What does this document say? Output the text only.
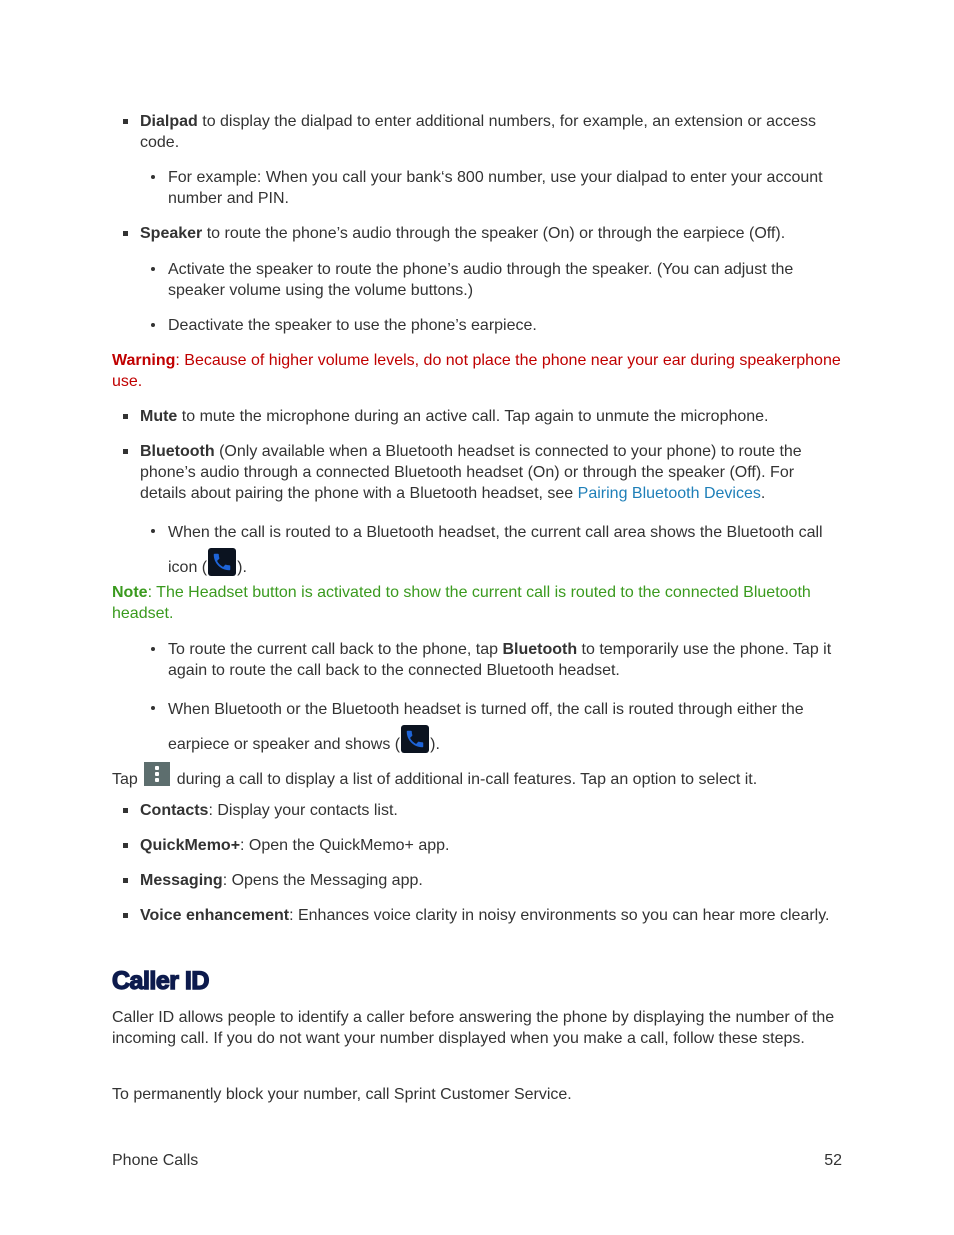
Dialpad to display the dialpad to enter additional numbers, for example, an extension or access code.

For example: When you call your bank‘s 800 number, use your dialpad to enter your account number and PIN.

Speaker to route the phone’s audio through the speaker (On) or through the earpiece (Off).

Activate the speaker to route the phone’s audio through the speaker. (You can adjust the speaker volume using the volume buttons.)

Deactivate the speaker to use the phone’s earpiece.

Warning: Because of higher volume levels, do not place the phone near your ear during speakerphone use.

Mute to mute the microphone during an active call. Tap again to unmute the microphone.

Bluetooth (Only available when a Bluetooth headset is connected to your phone) to route the phone’s audio through a connected Bluetooth headset (On) or through the speaker (Off). For details about pairing the phone with a Bluetooth headset, see Pairing Bluetooth Devices.

When the call is routed to a Bluetooth headset, the current call area shows the Bluetooth call icon ( ).

Note: The Headset button is activated to show the current call is routed to the connected Bluetooth headset.

To route the current call back to the phone, tap Bluetooth to temporarily use the phone. Tap it again to route the call back to the connected Bluetooth headset.

When Bluetooth or the Bluetooth headset is turned off, the call is routed through either the earpiece or speaker and shows ( ).

Tap
during a call to display a list of additional in-call features. Tap an option to select it.

Contacts: Display your contacts list.

QuickMemo+: Open the QuickMemo+ app.

Messaging: Opens the Messaging app.

Voice enhancement: Enhances voice clarity in noisy environments so you can hear more clearly.

Caller ID

Caller ID allows people to identify a caller before answering the phone by displaying the number of the incoming call. If you do not want your number displayed when you make a call, follow these steps.

To permanently block your number, call Sprint Customer Service.

Phone Calls	52
